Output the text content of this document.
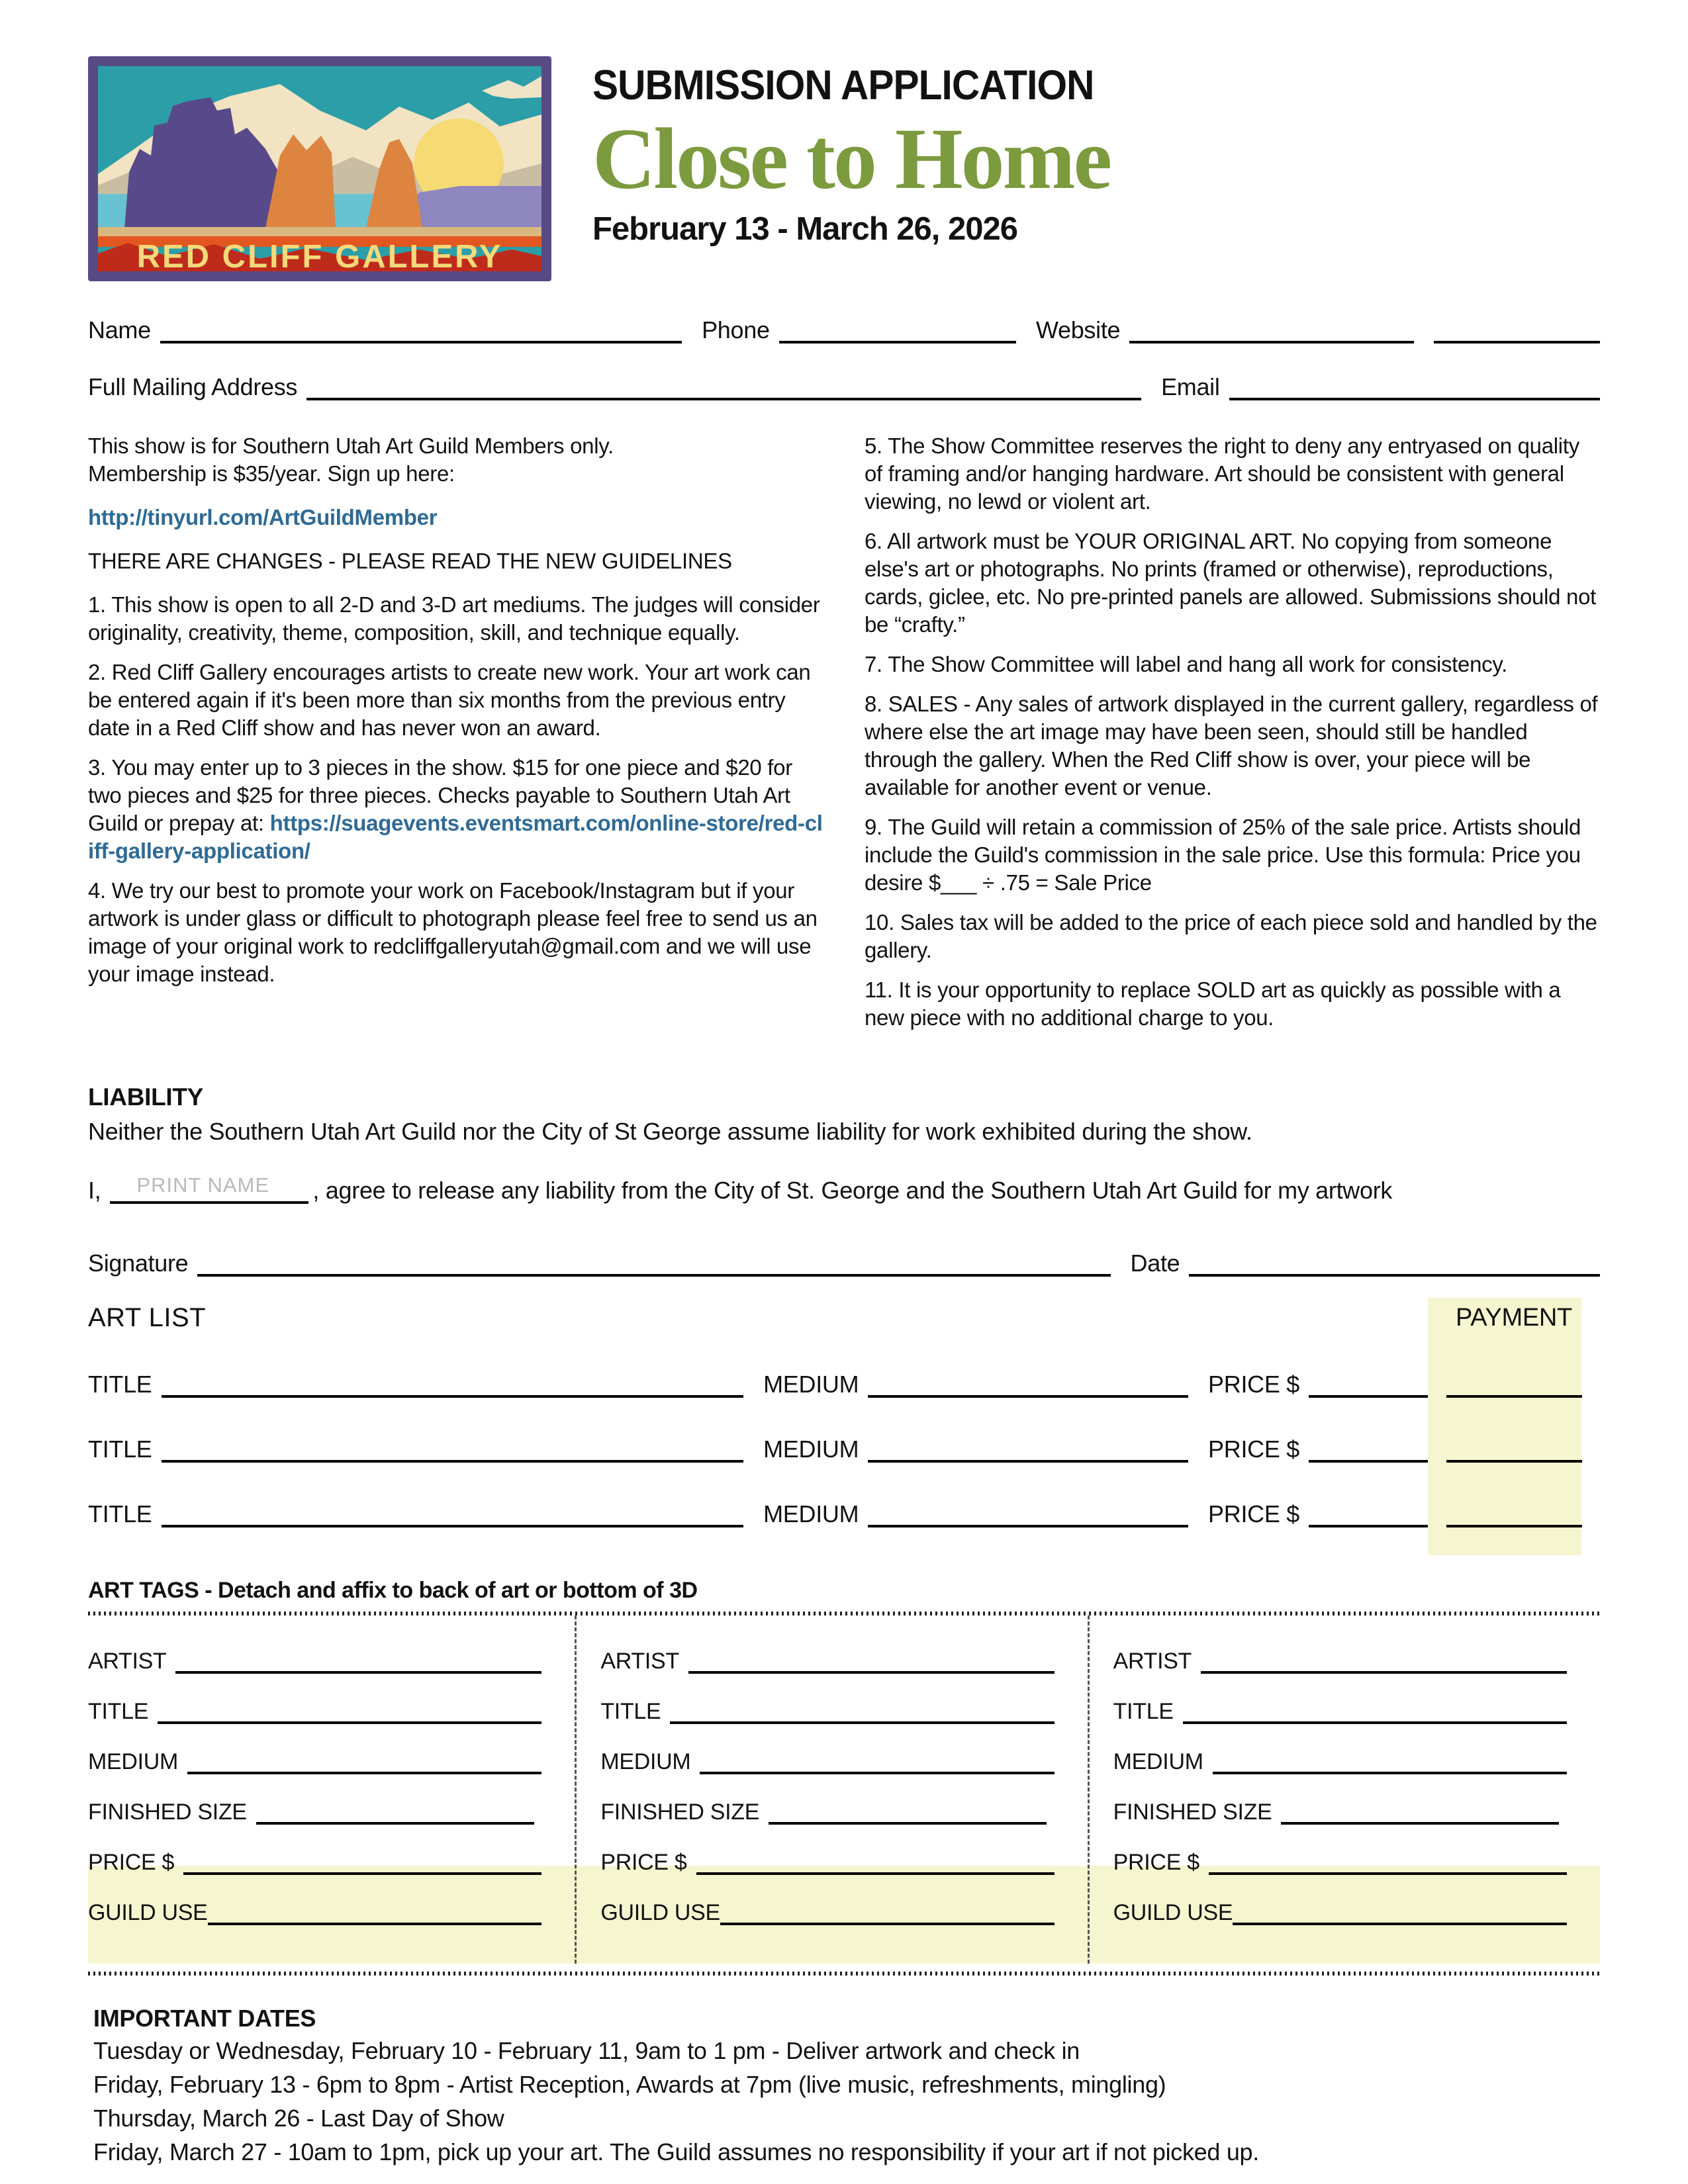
RED CLIFF GALLERY
SUBMISSION APPLICATION
Close to Home
February 13 - March 26, 2026
Name	Phone	Website
Full Mailing Address	Email

This show is for Southern Utah Art Guild Members only.
Membership is $35/year. Sign up here:

http://tinyurl.com/ArtGuildMember

THERE ARE CHANGES - PLEASE READ THE NEW GUIDELINES

1. This show is open to all 2-D and 3-D art mediums. The judges will consider originality, creativity, theme, composition, skill, and technique equally.

2. Red Cliff Gallery encourages artists to create new work. Your art work can be entered again if it's been more than six months from the previous entry date in a Red Cliff show and has never won an award.

3. You may enter up to 3 pieces in the show. $15 for one piece and $20 for two pieces and $25 for three pieces. Checks payable to Southern Utah Art Guild or prepay at: https://suagevents.eventsmart.com/online-store/red-cliff-gallery-application/

4. We try our best to promote your work on Facebook/Instagram but if your artwork is under glass or difficult to photograph please feel free to send us an image of your original work to redcliffgalleryutah@gmail.com and we will use your image instead.

5. The Show Committee reserves the right to deny any entryased on quality of framing and/or hanging hardware. Art should be consistent with general viewing, no lewd or violent art.

6. All artwork must be YOUR ORIGINAL ART. No copying from someone else's art or photographs. No prints (framed or otherwise), reproductions, cards, giclee, etc. No pre-printed panels are allowed. Submissions should not be “crafty.”

7. The Show Committee will label and hang all work for consistency.

8. SALES - Any sales of artwork displayed in the current gallery, regardless of where else the art image may have been seen, should still be handled through the gallery. When the Red Cliff show is over, your piece will be available for another event or venue.

9. The Guild will retain a commission of 25% of the sale price. Artists should include the Guild's commission in the sale price. Use this formula: Price you desire $___ ÷ .75 = Sale Price

10. Sales tax will be added to the price of each piece sold and handled by the gallery.

11. It is your opportunity to replace SOLD art as quickly as possible with a new piece with no additional charge to you.

LIABILITY
Neither the Southern Utah Art Guild nor the City of St George assume liability for work exhibited during the show.
I,	PRINT NAME , agree to release any liability from the City of St. George and the Southern Utah Art Guild for my artwork
Signature	Date
ART LIST	PAYMENT
TITLE	MEDIUM	PRICE $
TITLE	MEDIUM	PRICE $
TITLE	MEDIUM	PRICE $
ART TAGS - Detach and affix to back of art or bottom of 3D
ARTIST
TITLE
MEDIUM
FINISHED SIZE
PRICE $
GUILD USE
ARTIST
TITLE
MEDIUM
FINISHED SIZE
PRICE $
GUILD USE
ARTIST
TITLE
MEDIUM
FINISHED SIZE
PRICE $
GUILD USE
IMPORTANT DATES
Tuesday or Wednesday, February 10 - February 11, 9am to 1 pm - Deliver artwork and check in
Friday, February 13 - 6pm to 8pm - Artist Reception, Awards at 7pm (live music, refreshments, mingling)
Thursday, March 26 - Last Day of Show
Friday, March 27 - 10am to 1pm, pick up your art. The Guild assumes no responsibility if your art if not picked up.
